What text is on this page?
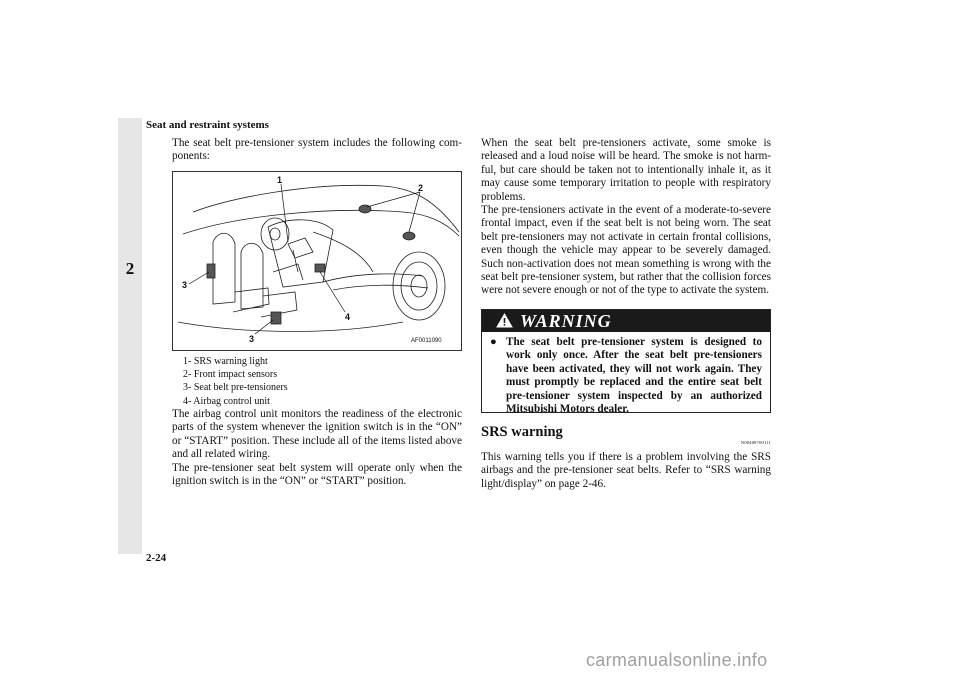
Seat and restraint systems
2
The seat belt pre-tensioner system includes the following com-ponents:
1
2
3
3
4
AF0011090
1- SRS warning light
2- Front impact sensors
3- Seat belt pre-tensioners
4- Airbag control unit
The airbag control unit monitors the readiness of the electronic parts of the system whenever the ignition switch is in the “ON” or “START” position. These include all of the items listed above and all related wiring.
The pre-tensioner seat belt system will operate only when the ignition switch is in the “ON” or “START” position.
When the seat belt pre-tensioners activate, some smoke is released and a loud noise will be heard. The smoke is not harm-ful, but care should be taken not to intentionally inhale it, as it may cause some temporary irritation to people with respiratory problems.
The pre-tensioners activate in the event of a moderate-to-severe frontal impact, even if the seat belt is not being worn. The seat belt pre-tensioners may not activate in certain frontal collisions, even though the vehicle may appear to be severely damaged. Such non-activation does not mean something is wrong with the seat belt pre-tensioner system, but rather that the collision forces were not severe enough or not of the type to activate the system.
WARNING
● The seat belt pre-tensioner system is designed to work only once. After the seat belt pre-tensioners have been activated, they will not work again. They must promptly be replaced and the entire seat belt pre-tensioner system inspected by an authorized Mitsubishi Motors dealer.
SRS warning
N00408700111
This warning tells you if there is a problem involving the SRS airbags and the pre-tensioner seat belts. Refer to “SRS warning light/display” on page 2-46.
2-24
carmanualsonline.info
